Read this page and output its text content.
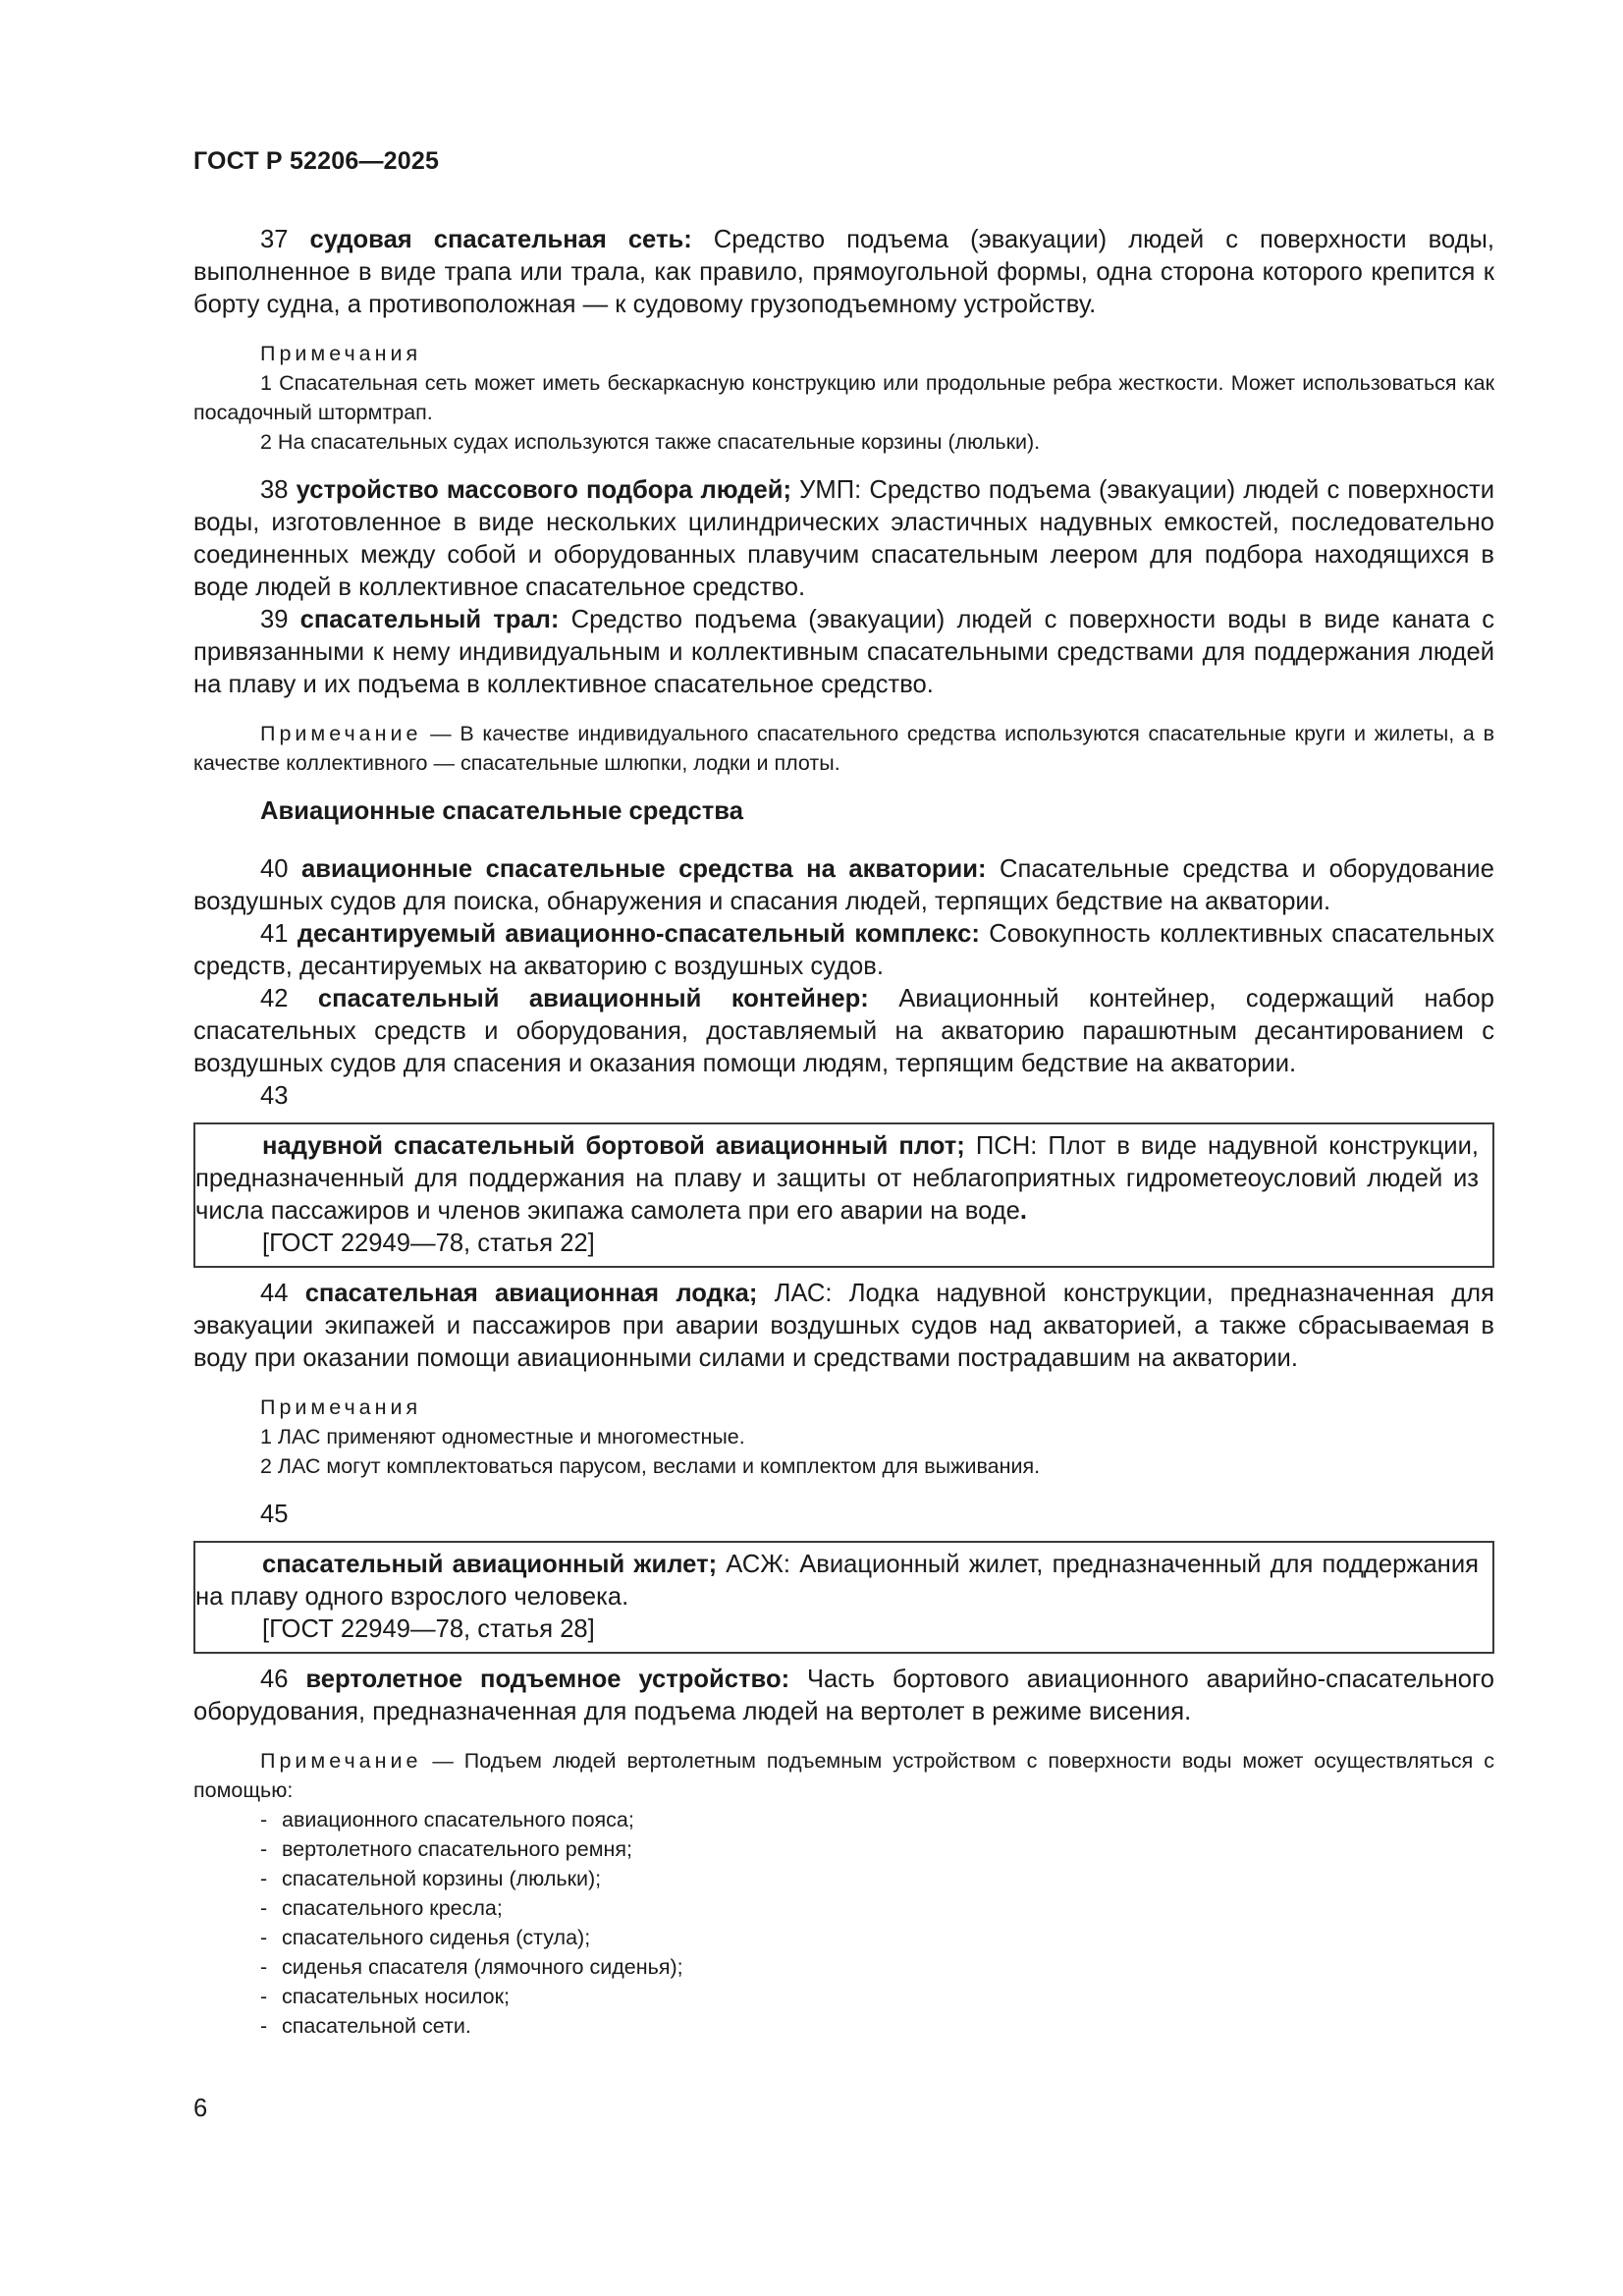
ГОСТ Р 52206—2025

37 судовая спасательная сеть: Средство подъема (эвакуации) людей с поверхности воды, выполненное в виде трапа или трала, как правило, прямоугольной формы, одна сторона которого крепится к борту судна, а противоположная — к судовому грузоподъемному устройству.

Примечания

1 Спасательная сеть может иметь бескаркасную конструкцию или продольные ребра жесткости. Может использоваться как посадочный штормтрап.

2 На спасательных судах используются также спасательные корзины (люльки).

38 устройство массового подбора людей; УМП: Средство подъема (эвакуации) людей с поверхности воды, изготовленное в виде нескольких цилиндрических эластичных надувных емкостей, последовательно соединенных между собой и оборудованных плавучим спасательным леером для подбора находящихся в воде людей в коллективное спасательное средство.

39 спасательный трал: Средство подъема (эвакуации) людей с поверхности воды в виде каната с привязанными к нему индивидуальным и коллективным спасательными средствами для поддержания людей на плаву и их подъема в коллективное спасательное средство.

Примечание — В качестве индивидуального спасательного средства используются спасательные круги и жилеты, а в качестве коллективного — спасательные шлюпки, лодки и плоты.

Авиационные спасательные средства

40 авиационные спасательные средства на акватории: Спасательные средства и оборудование воздушных судов для поиска, обнаружения и спасания людей, терпящих бедствие на акватории.

41 десантируемый авиационно-спасательный комплекс: Совокупность коллективных спасательных средств, десантируемых на акваторию с воздушных судов.

42 спасательный авиационный контейнер: Авиационный контейнер, содержащий набор спасательных средств и оборудования, доставляемый на акваторию парашютным десантированием с воздушных судов для спасения и оказания помощи людям, терпящим бедствие на акватории.

43

надувной спасательный бортовой авиационный плот; ПСН: Плот в виде надувной конструкции, предназначенный для поддержания на плаву и защиты от неблагоприятных гидрометеоусловий людей из числа пассажиров и членов экипажа самолета при его аварии на воде.

[ГОСТ 22949—78, статья 22]

44 спасательная авиационная лодка; ЛАС: Лодка надувной конструкции, предназначенная для эвакуации экипажей и пассажиров при аварии воздушных судов над акваторией, а также сбрасываемая в воду при оказании помощи авиационными силами и средствами пострадавшим на акватории.

Примечания

1 ЛАС применяют одноместные и многоместные.

2 ЛАС могут комплектоваться парусом, веслами и комплектом для выживания.

45

спасательный авиационный жилет; АСЖ: Авиационный жилет, предназначенный для поддержания на плаву одного взрослого человека.

[ГОСТ 22949—78, статья 28]

46 вертолетное подъемное устройство: Часть бортового авиационного аварийно-спасательного оборудования, предназначенная для подъема людей на вертолет в режиме висения.

Примечание — Подъем людей вертолетным подъемным устройством с поверхности воды может осуществляться с помощью:

- авиационного спасательного пояса;
- вертолетного спасательного ремня;
- спасательной корзины (люльки);
- спасательного кресла;
- спасательного сиденья (стула);
- сиденья спасателя (лямочного сиденья);
- спасательных носилок;
- спасательной сети.
6
